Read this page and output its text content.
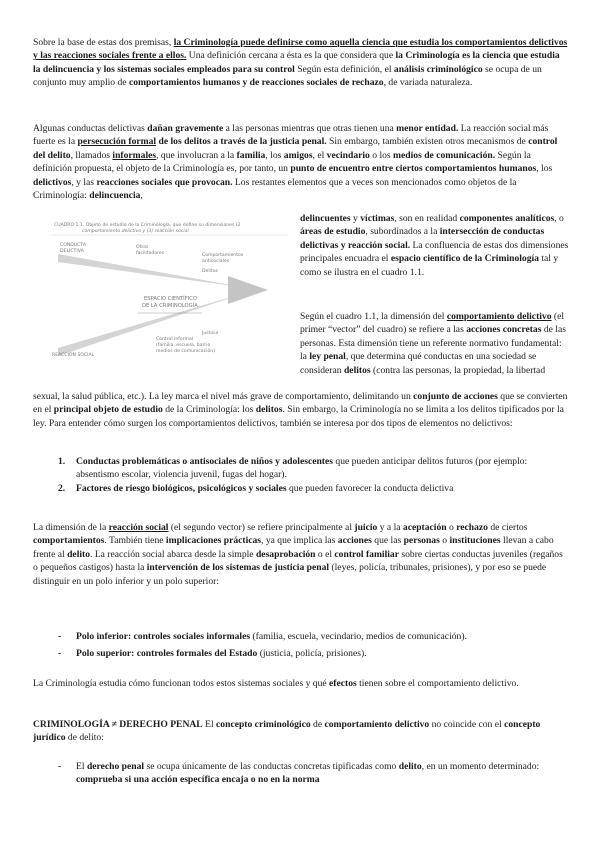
Sobre la base de estas dos premisas, la Criminología puede definirse como aquella ciencia que estudia los comportamientos delictivos y las reacciones sociales frente a ellos. Una definición cercana a ésta es la que considera que la Criminología es la ciencia que estudia la delincuencia y los sistemas sociales empleados para su control Según esta definición, el análisis criminológico se ocupa de un conjunto muy amplio de comportamientos humanos y de reacciones sociales de rechazo, de variada naturaleza.

Algunas conductas delictivas dañan gravemente a las personas mientras que otras tienen una menor entidad. La reacción social más fuerte es la persecución formal de los delitos a través de la justicia penal. Sin embargo, también existen otros mecanismos de control del delito, llamados informales, que involucran a la familia, los amigos, el vecindario o los medios de comunicación. Según la definición propuesta, el objeto de la Criminología es, por tanto, un punto de encuentro entre ciertos comportamientos humanos, los delictivos, y las reacciones sociales que provocan. Los restantes elementos que a veces son mencionados como objetos de la Criminología: delincuencia,

CUADRO 1.1. Objeto de estudio de la Criminología, que define su dimensiones (2
comportamiento delictivo y (3) reacción social
CONDUCTA
DELICTIVA
Otros
facilitadores	Comportamientos
antisociales
Delitos
ESPACIO CIENTÍFICO
DE LA CRIMINOLOGÍA
Control informal
(familia, escuela, barrio
medios de comunicación)
REACCIÓN SOCIAL
Justicia

delincuentes y víctimas, son en realidad componentes analíticos, o áreas de estudio, subordinados a la intersección de conductas delictivas y reacción social. La confluencia de estas dos dimensiones principales encuadra el espacio científico de la Criminología tal y como se ilustra en el cuadro 1.1.

Según el cuadro 1.1, la dimensión del comportamiento delictivo (el primer “vector” del cuadro) se refiere a las acciones concretas de las personas. Esta dimensión tiene un referente normativo fundamental: la ley penal, que determina qué conductas en una sociedad se consideran delitos (contra las personas, la propiedad, la libertad

sexual, la salud pública, etc.). La ley marca el nivel más grave de comportamiento, delimitando un conjunto de acciones que se convierten en el principal objeto de estudio de la Criminología: los delitos. Sin embargo, la Criminología no se limita a los delitos tipificados por la ley. Para entender cómo surgen los comportamientos delictivos, también se interesa por dos tipos de elementos no delictivos:

1. Conductas problemáticas o antisociales de niños y adolescentes que pueden anticipar delitos futuros (por ejemplo: absentismo escolar, violencia juvenil, fugas del hogar).
2. Factores de riesgo biológicos, psicológicos y sociales que pueden favorecer la conducta delictiva

La dimensión de la reacción social (el segundo vector) se refiere principalmente al juicio y a la aceptación o rechazo de ciertos comportamientos. También tiene implicaciones prácticas, ya que implica las acciones que las personas o instituciones llevan a cabo frente al delito. La reacción social abarca desde la simple desaprobación o el control familiar sobre ciertas conductas juveniles (regaños o pequeños castigos) hasta la intervención de los sistemas de justicia penal (leyes, policía, tribunales, prisiones), y por eso se puede distinguir en un polo inferior y un polo superior:

- Polo inferior: controles sociales informales (familia, escuela, vecindario, medios de comunicación).
- Polo superior: controles formales del Estado (justicia, policía, prisiones).

La Criminología estudia cómo funcionan todos estos sistemas sociales y qué efectos tienen sobre el comportamiento delictivo.

CRIMINOLOGÍA ≠ DERECHO PENAL El concepto criminológico de comportamiento delictivo no coincide con el concepto jurídico de delito:

- El derecho penal se ocupa únicamente de las conductas concretas tipificadas como delito, en un momento determinado: comprueba si una acción específica encaja o no en la norma
